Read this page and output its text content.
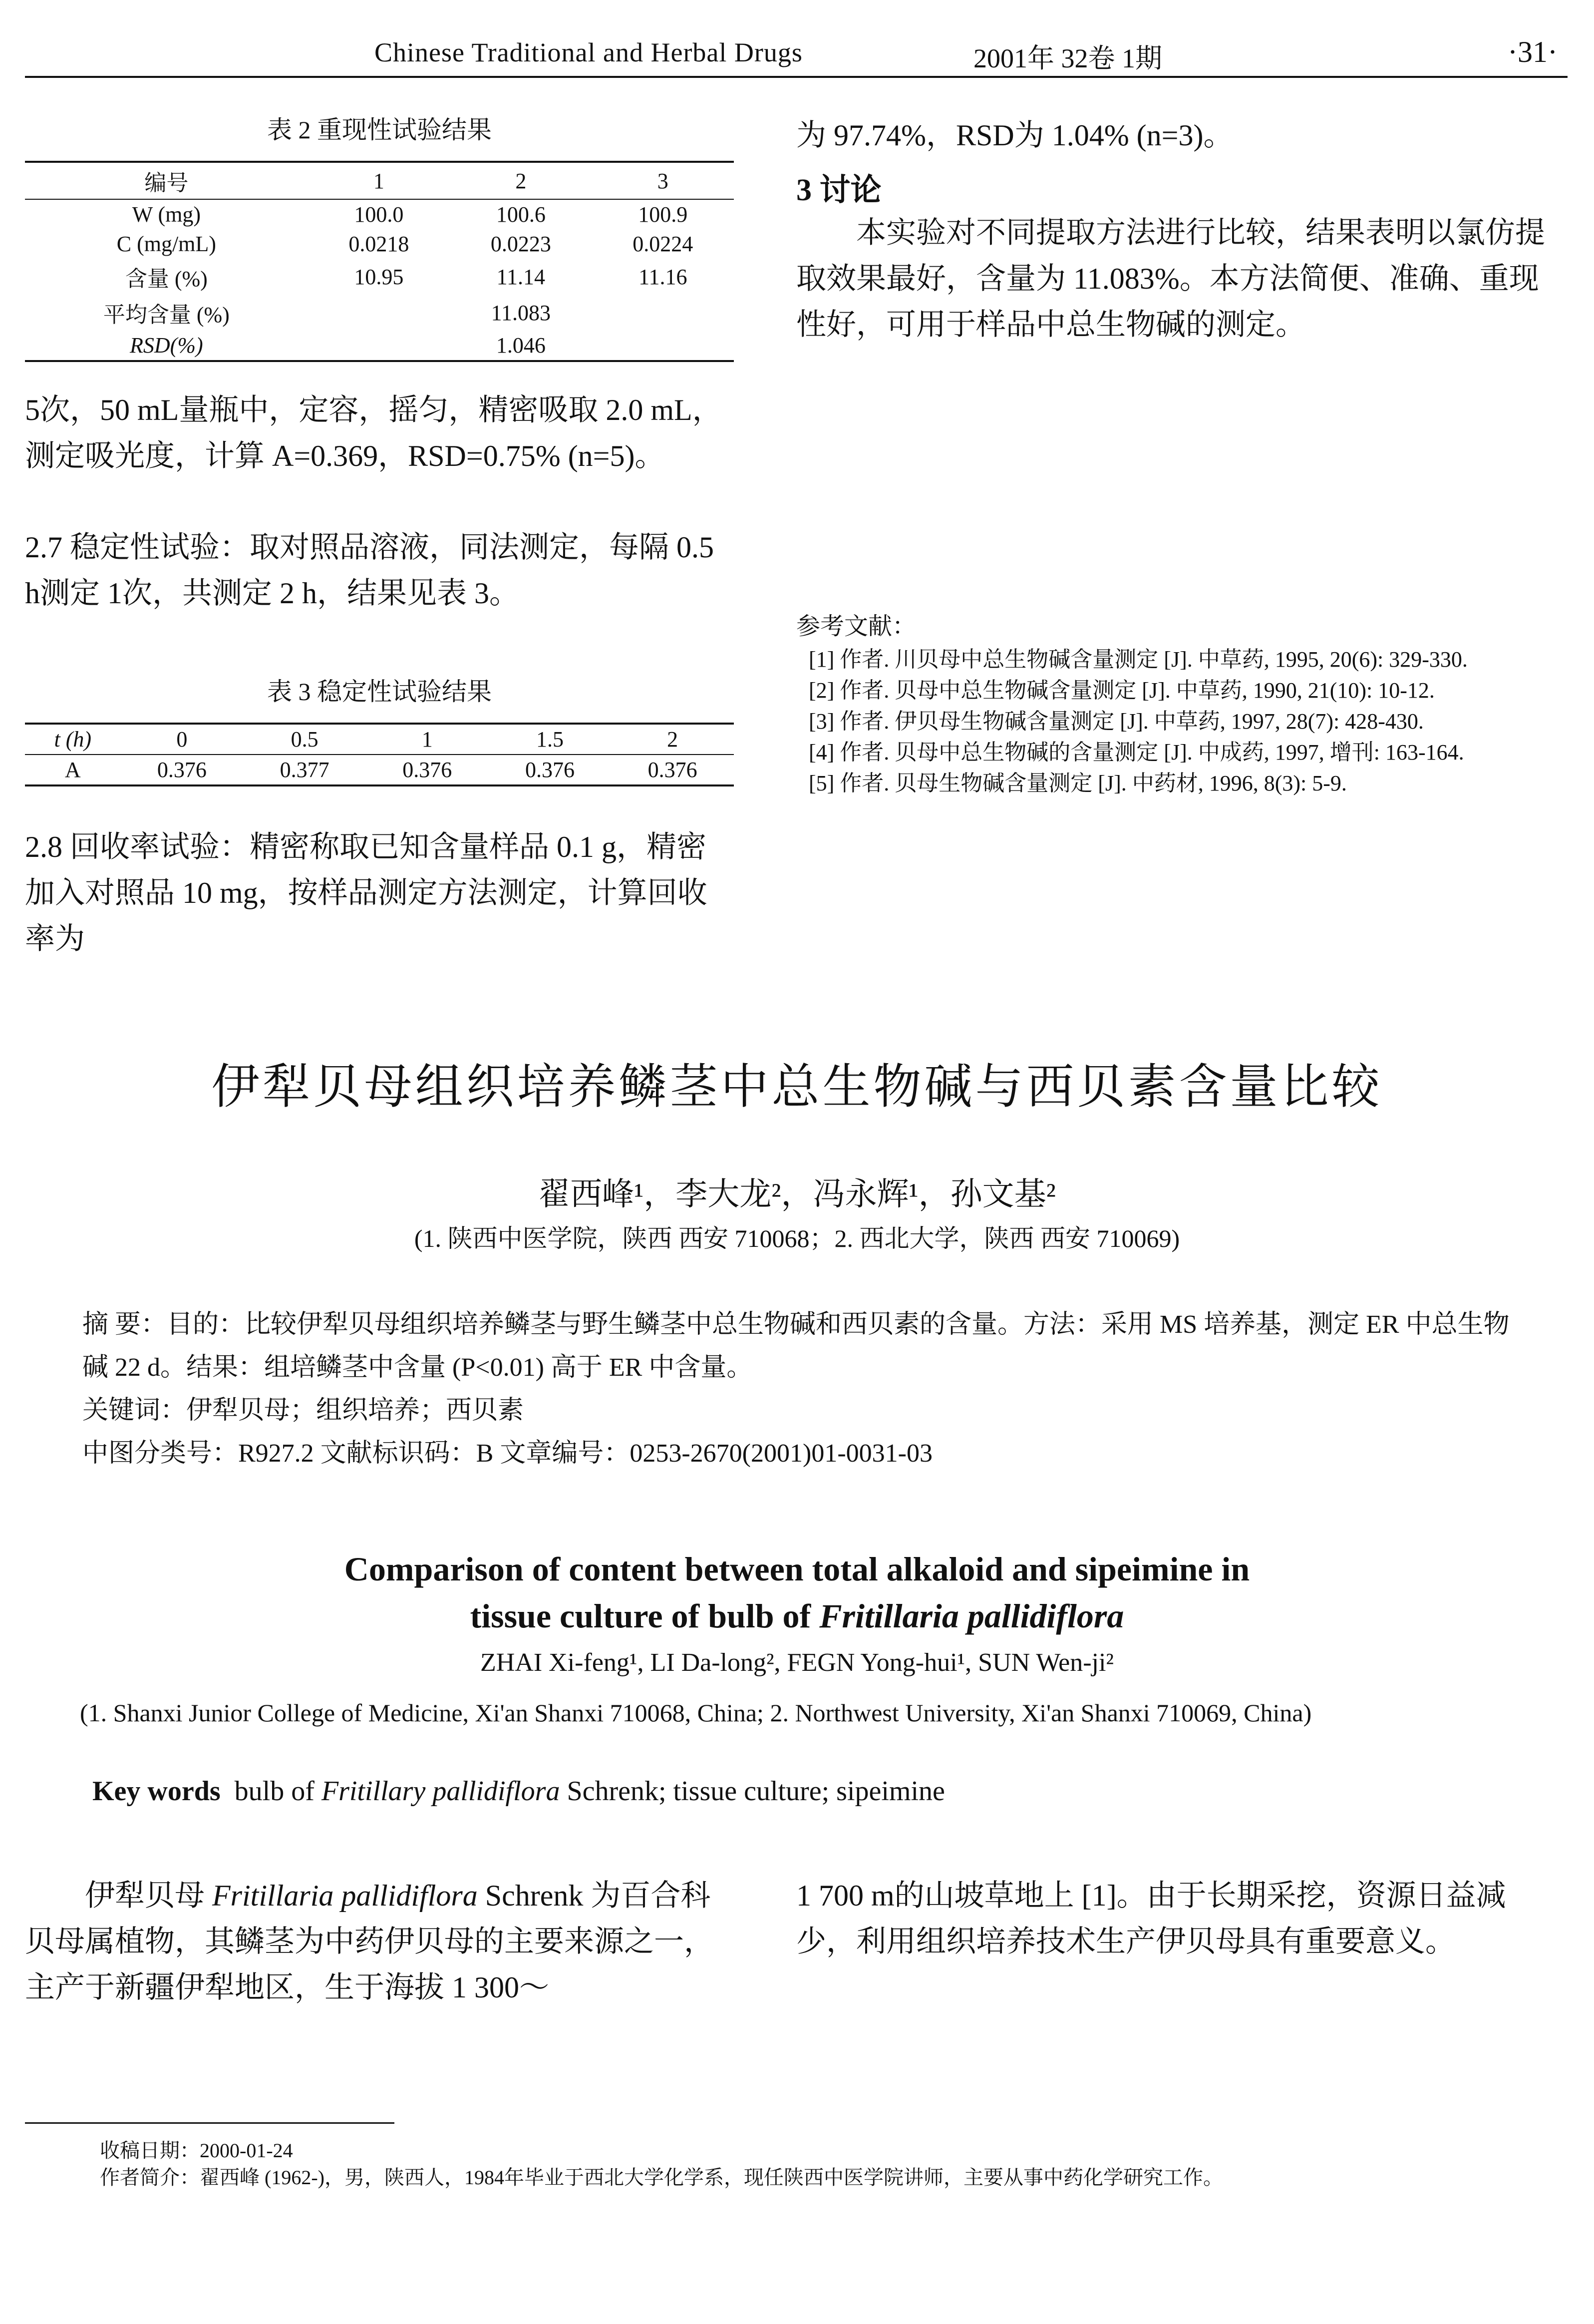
Chinese Traditional and Herbal Drugs	2001年 32卷 1期	·31·
表 2 重现性试验结果
编号	1	2	3
W (mg)	100.0	100.6	100.9
C (mg/mL)	0.0218	0.0223	0.0224
含量 (%)	10.95	11.14	11.16
平均含量 (%)		11.083	
RSD(%)		1.046	
5次，50 mL量瓶中，定容，摇匀，精密吸取 2.0 mL，测定吸光度，计算 A=0.369，RSD=0.75% (n=5)。
2.7 稳定性试验：取对照品溶液，同法测定，每隔 0.5 h测定 1次，共测定 2 h，结果见表 3。
表 3 稳定性试验结果
t (h)	0	0.5	1	1.5	2
A	0.376	0.377	0.376	0.376	0.376
2.8 回收率试验：精密称取已知含量样品 0.1 g，精密加入对照品 10 mg，按样品测定方法测定，计算回收率为
为 97.74%，RSD为 1.04% (n=3)。
3 讨论
本实验对不同提取方法进行比较，结果表明以氯仿提取效果最好，含量为 11.083%。本方法简便、准确、重现性好，可用于样品中总生物碱的测定。
参考文献：

[1] 作者. 川贝母中总生物碱含量测定 [J]. 中草药, 1995, 20(6): 329-330.

[2] 作者. 贝母中总生物碱含量测定 [J]. 中草药, 1990, 21(10): 10-12.

[3] 作者. 伊贝母生物碱含量测定 [J]. 中草药, 1997, 28(7): 428-430.

[4] 作者. 贝母中总生物碱的含量测定 [J]. 中成药, 1997, 增刊: 163-164.

[5] 作者. 贝母生物碱含量测定 [J]. 中药材, 1996, 8(3): 5-9.

伊犁贝母组织培养鳞茎中总生物碱与西贝素含量比较
翟西峰¹，李大龙²，冯永辉¹，孙文基²
(1. 陕西中医学院，陕西 西安 710068；2. 西北大学，陕西 西安 710069)
摘 要：目的：比较伊犁贝母组织培养鳞茎与野生鳞茎中总生物碱和西贝素的含量。方法：采用 MS 培养基，测定 ER 中总生物碱 22 d。结果：组培鳞茎中含量 (P<0.01) 高于 ER 中含量。
关键词：伊犁贝母；组织培养；西贝素
中图分类号：R927.2 文献标识码：B 文章编号：0253-2670(2001)01-0031-03
Comparison of content between total alkaloid and sipeimine in
tissue culture of bulb of Fritillaria pallidiflora
ZHAI Xi-feng¹, LI Da-long², FEGN Yong-hui¹, SUN Wen-ji²
(1. Shanxi Junior College of Medicine, Xi'an Shanxi 710068, China; 2. Northwest University, Xi'an Shanxi 710069, China)
Key words bulb of Fritillary pallidiflora Schrenk; tissue culture; sipeimine
伊犁贝母 Fritillaria pallidiflora Schrenk 为百合科贝母属植物，其鳞茎为中药伊贝母的主要来源之一，主产于新疆伊犁地区，生于海拔 1 300～
1 700 m的山坡草地上 [1]。由于长期采挖，资源日益减少，利用组织培养技术生产伊贝母具有重要意义。
收稿日期：2000-01-24
作者简介：翟西峰 (1962-)，男，陕西人，1984年毕业于西北大学化学系，现任陕西中医学院讲师，主要从事中药化学研究工作。
